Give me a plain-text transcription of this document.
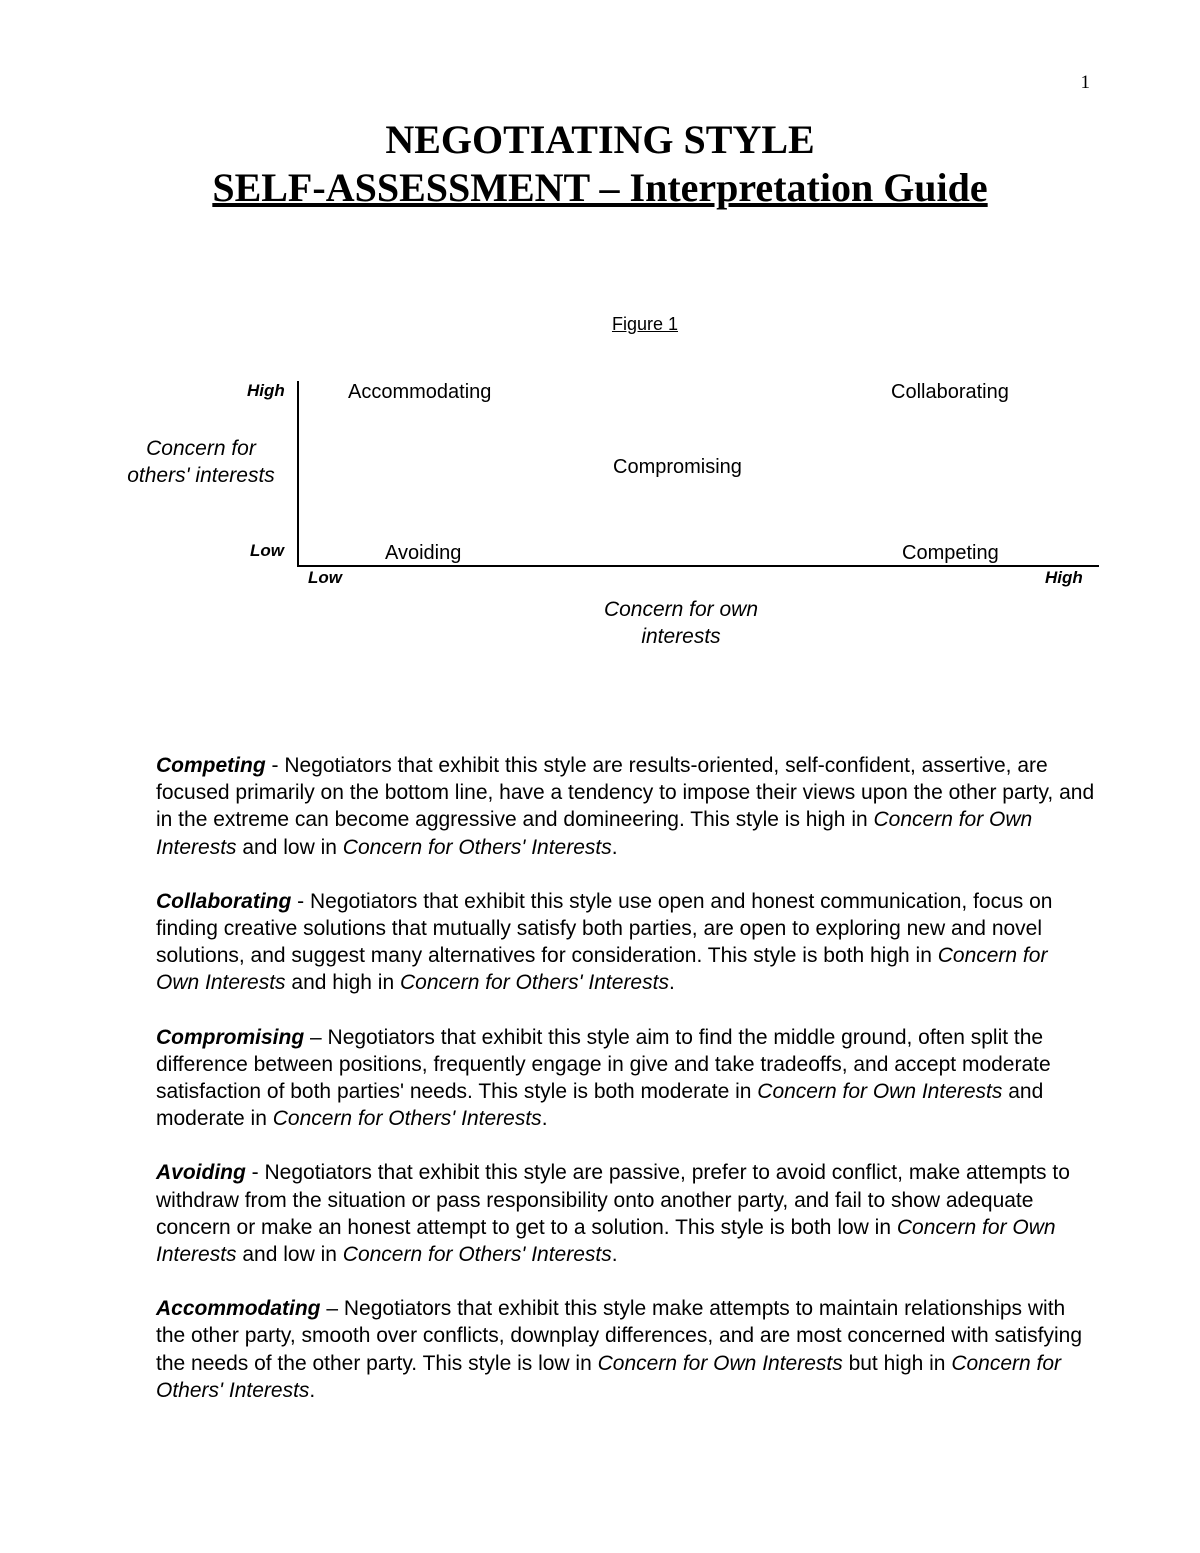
1
NEGOTIATING STYLE
SELF-ASSESSMENT – Interpretation Guide
Figure 1
High
Low
Concern for
others' interests
Low	High
Concern for own
interests
Accommodating	Collaborating
Compromising
Avoiding	Competing

Competing - Negotiators that exhibit this style are results-oriented, self-confident, assertive, are focused primarily on the bottom line, have a tendency to impose their views upon the other party, and in the extreme can become aggressive and domineering. This style is high in Concern for Own Interests and low in Concern for Others' Interests.

Collaborating - Negotiators that exhibit this style use open and honest communication, focus on finding creative solutions that mutually satisfy both parties, are open to exploring new and novel solutions, and suggest many alternatives for consideration. This style is both high in Concern for Own Interests and high in Concern for Others' Interests.

Compromising – Negotiators that exhibit this style aim to find the middle ground, often split the difference between positions, frequently engage in give and take tradeoffs, and accept moderate satisfaction of both parties' needs. This style is both moderate in Concern for Own Interests and moderate in Concern for Others' Interests.

Avoiding - Negotiators that exhibit this style are passive, prefer to avoid conflict, make attempts to withdraw from the situation or pass responsibility onto another party, and fail to show adequate concern or make an honest attempt to get to a solution. This style is both low in Concern for Own Interests and low in Concern for Others' Interests.

Accommodating – Negotiators that exhibit this style make attempts to maintain relationships with the other party, smooth over conflicts, downplay differences, and are most concerned with satisfying the needs of the other party. This style is low in Concern for Own Interests but high in Concern for Others' Interests.
